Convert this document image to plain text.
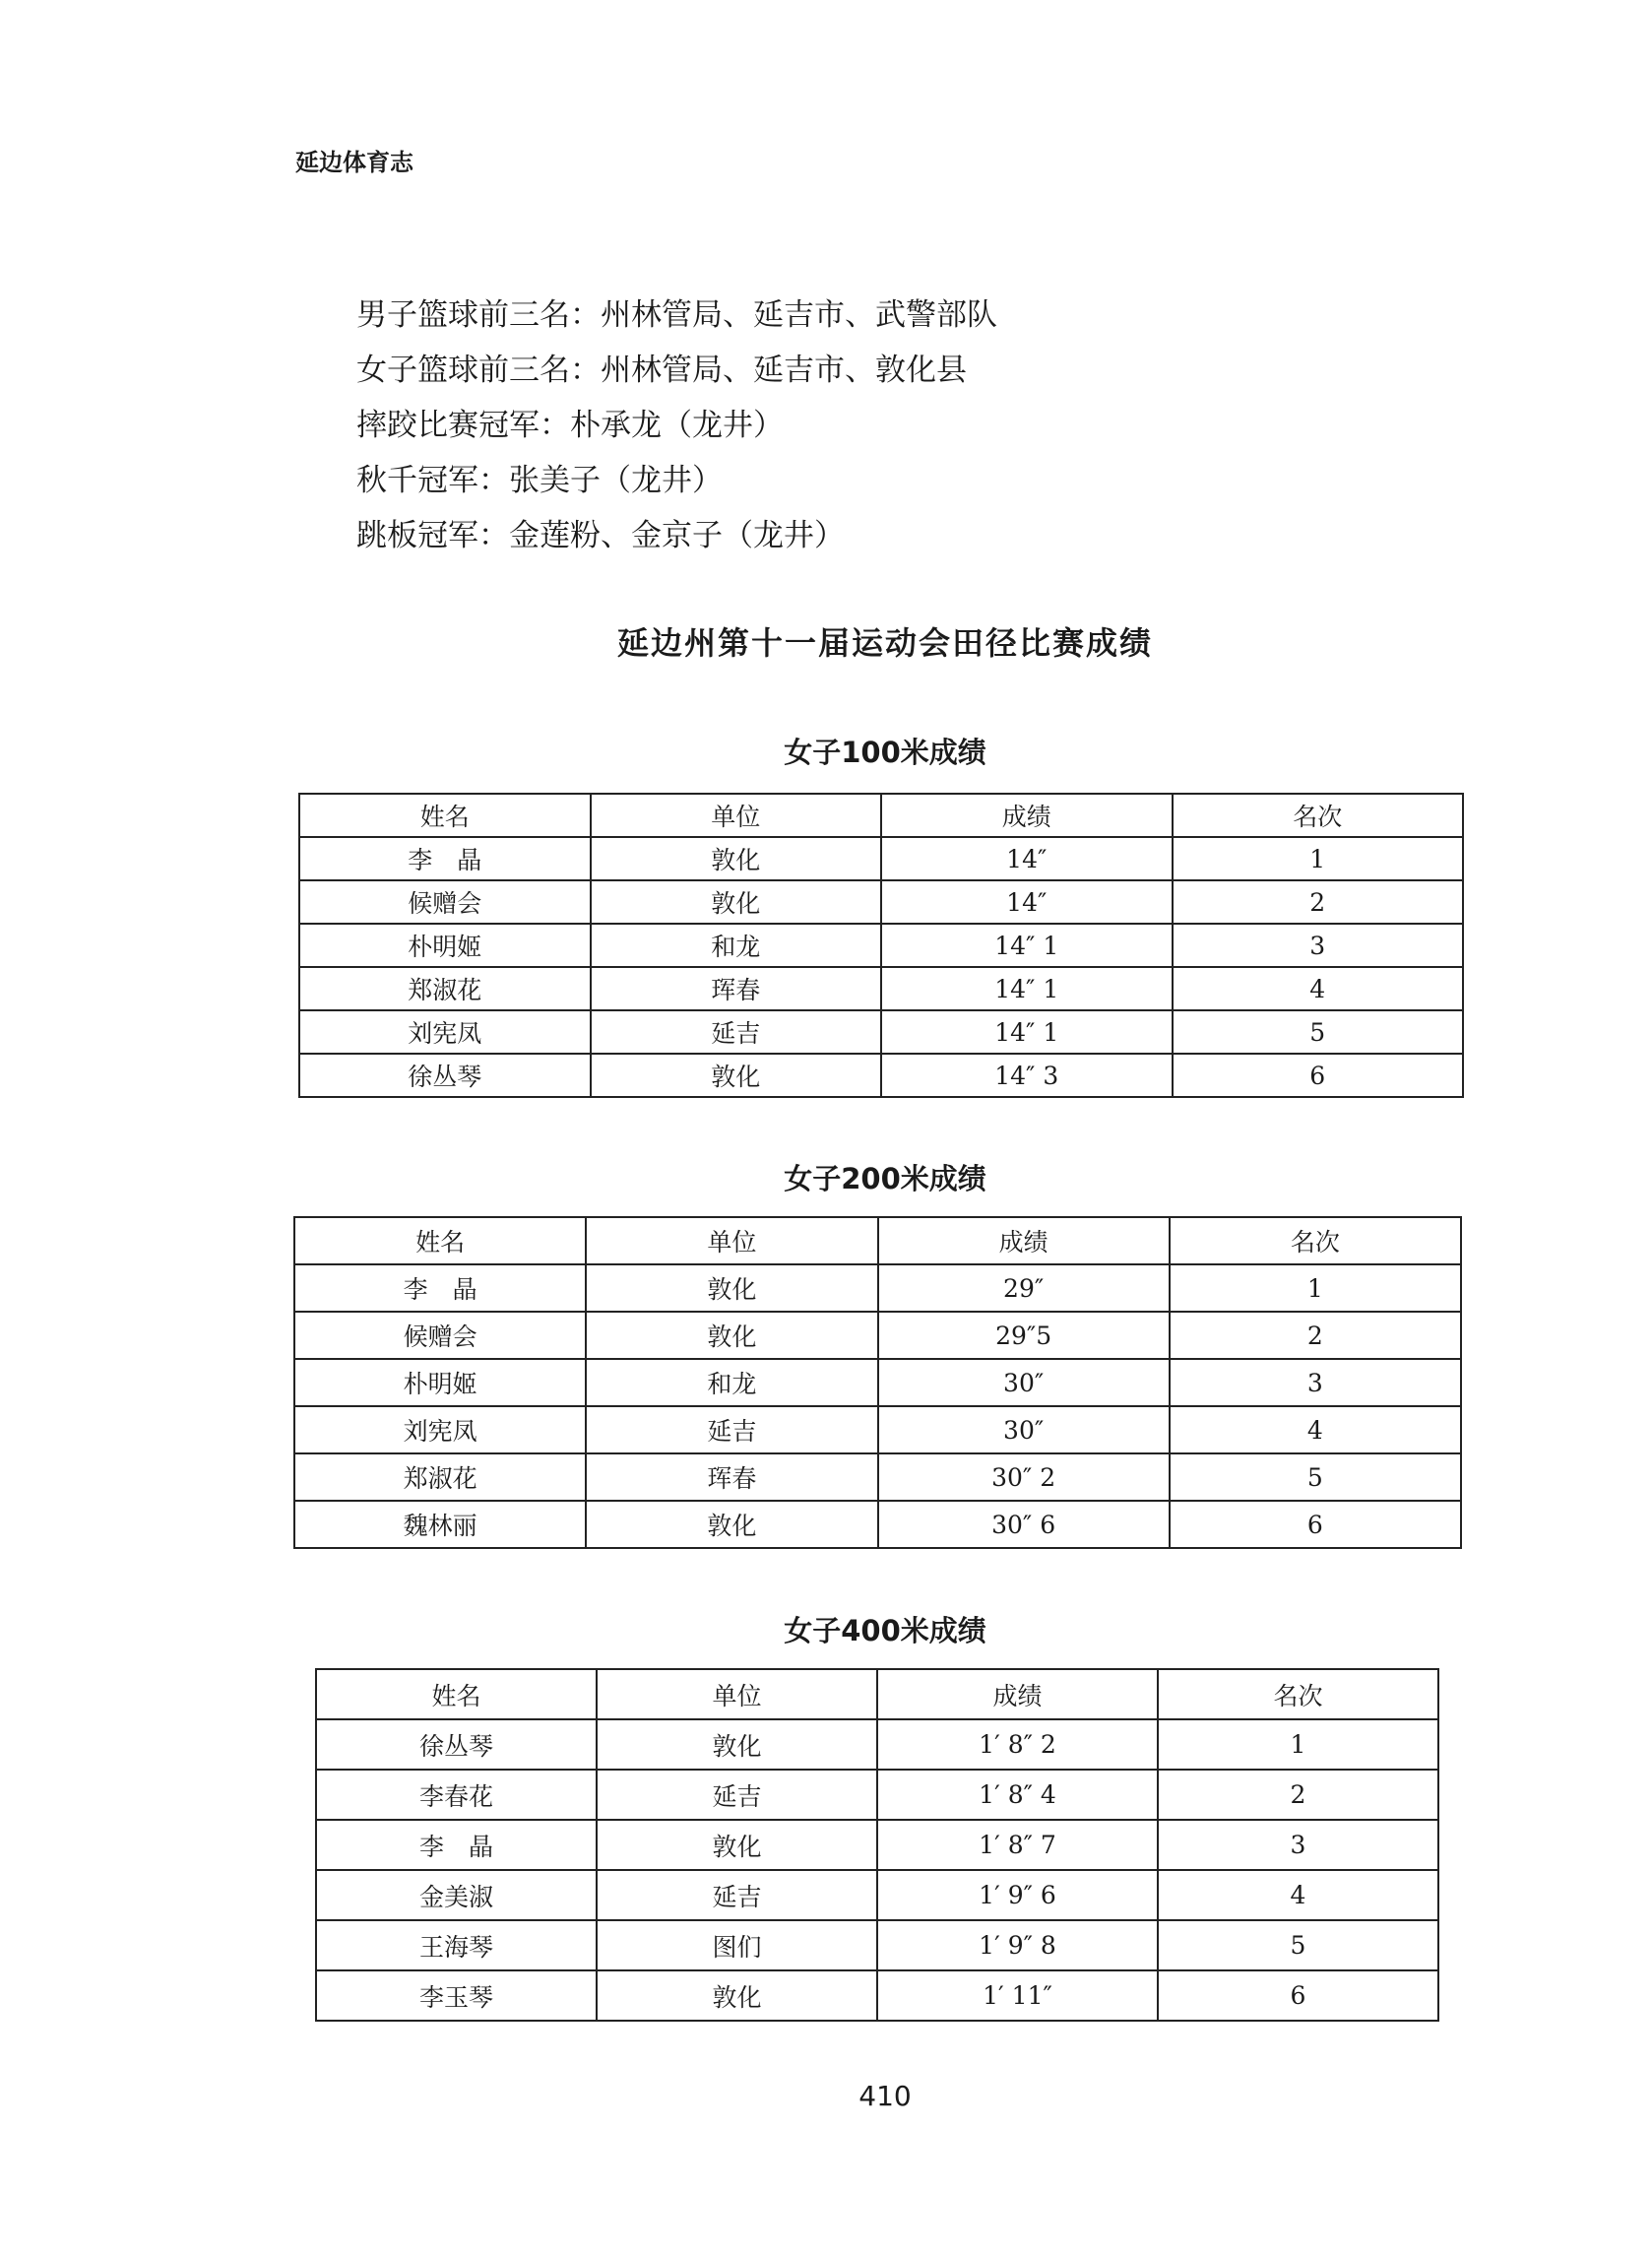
延边体育志
男子篮球前三名：州林管局、延吉市、武警部队
女子篮球前三名：州林管局、延吉市、敦化县
摔跤比赛冠军：朴承龙（龙井）
秋千冠军：张美子（龙井）
跳板冠军：金莲粉、金京子（龙井）
延边州第十一届运动会田径比赛成绩
女子100米成绩
姓名	单位	成绩	名次
李　晶	敦化	14″	1
候赠会	敦化	14″	2
朴明姬	和龙	14″ 1	3
郑淑花	珲春	14″ 1	4
刘宪凤	延吉	14″ 1	5
徐丛琴	敦化	14″ 3	6
女子200米成绩
姓名	单位	成绩	名次
李　晶	敦化	29″	1
候赠会	敦化	29″5	2
朴明姬	和龙	30″	3
刘宪凤	延吉	30″	4
郑淑花	珲春	30″ 2	5
魏林丽	敦化	30″ 6	6
女子400米成绩
姓名	单位	成绩	名次
徐丛琴	敦化	1′ 8″ 2	1
李春花	延吉	1′ 8″ 4	2
李　晶	敦化	1′ 8″ 7	3
金美淑	延吉	1′ 9″ 6	4
王海琴	图们	1′ 9″ 8	5
李玉琴	敦化	1′ 11″	6
410
